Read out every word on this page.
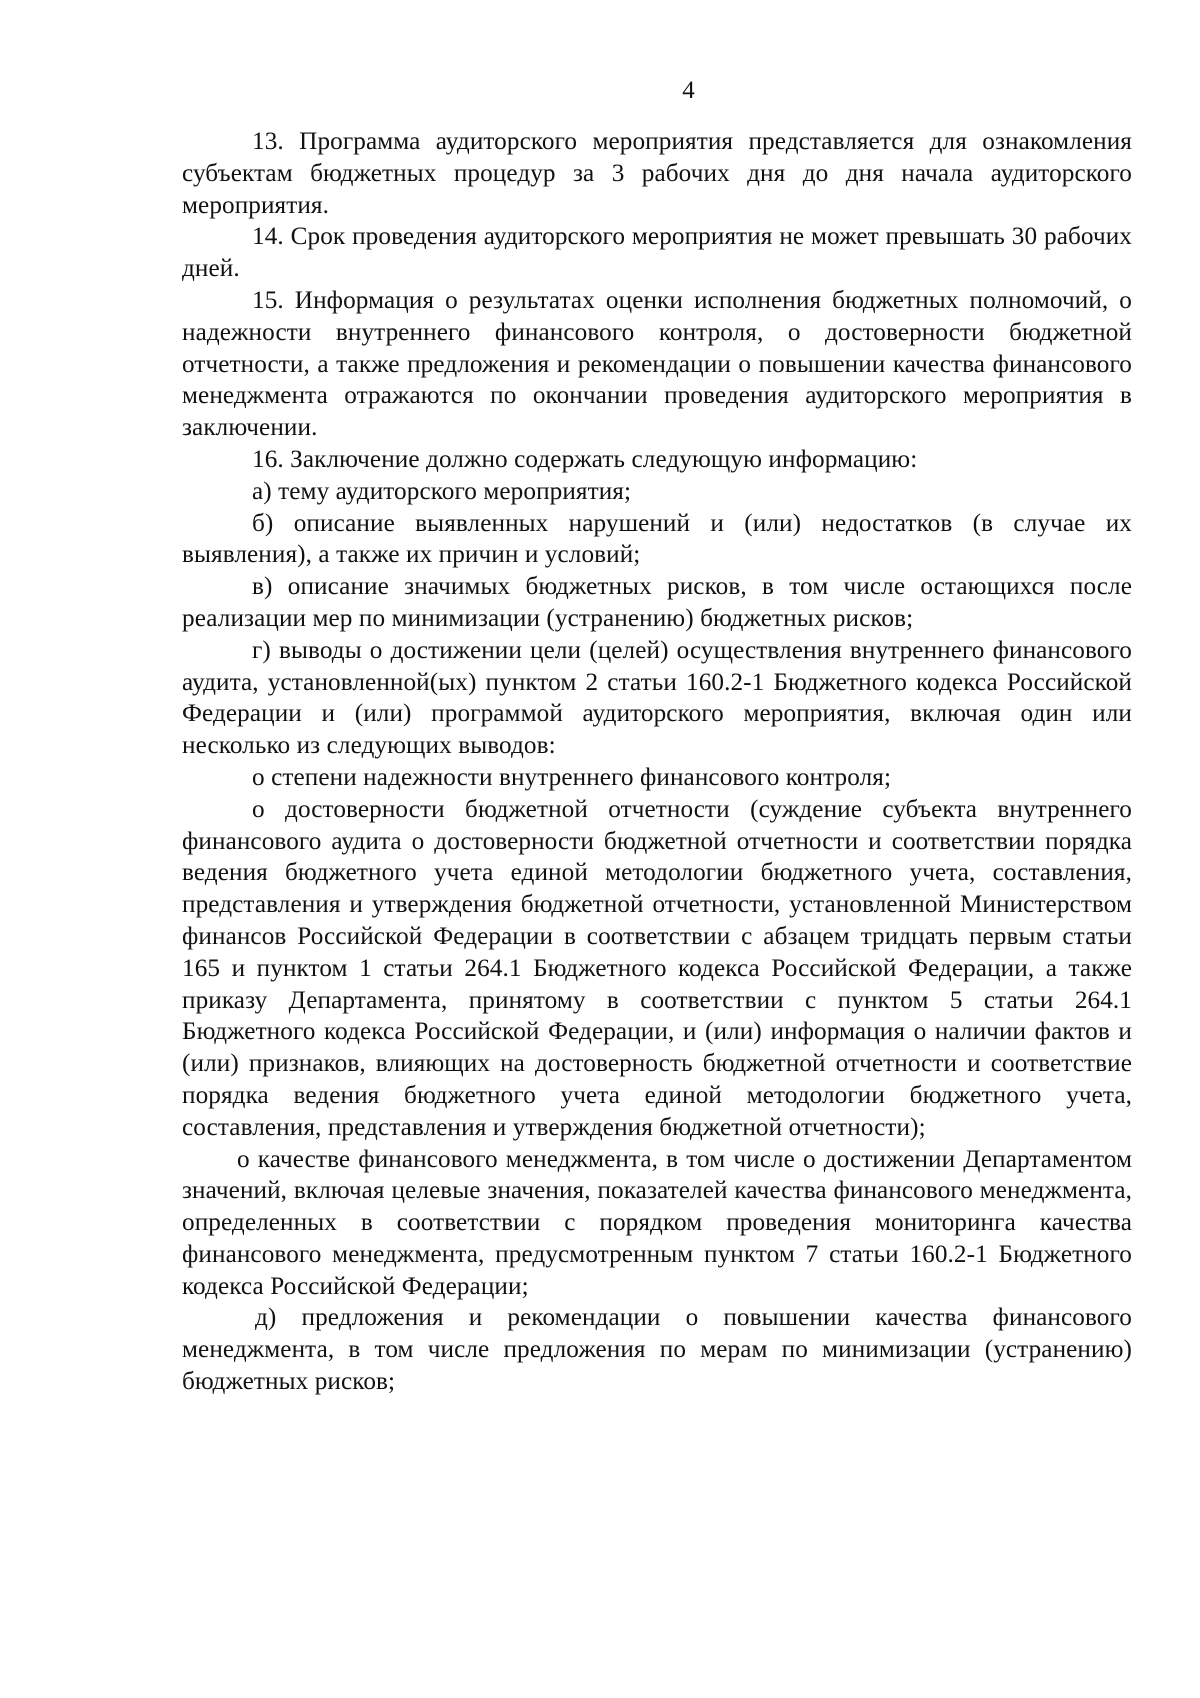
4

13. Программа аудиторского мероприятия представляется для ознакомления субъектам бюджетных процедур за 3 рабочих дня до дня начала аудиторского мероприятия.

14. Срок проведения аудиторского мероприятия не может превышать 30 рабочих дней.

15. Информация о результатах оценки исполнения бюджетных полномочий, о надежности внутреннего финансового контроля, о достоверности бюджетной отчетности, а также предложения и рекомендации о повышении качества финансового менеджмента отражаются по окончании проведения аудиторского мероприятия в заключении.

16. Заключение должно содержать следующую информацию:

а) тему аудиторского мероприятия;

б) описание выявленных нарушений и (или) недостатков (в случае их выявления), а также их причин и условий;

в) описание значимых бюджетных рисков, в том числе остающихся после реализации мер по минимизации (устранению) бюджетных рисков;

г) выводы о достижении цели (целей) осуществления внутреннего финансового аудита, установленной(ых) пунктом 2 статьи 160.2-1 Бюджетного кодекса Российской Федерации и (или) программой аудиторского мероприятия, включая один или несколько из следующих выводов:

о степени надежности внутреннего финансового контроля;

о достоверности бюджетной отчетности (суждение субъекта внутреннего финансового аудита о достоверности бюджетной отчетности и соответствии порядка ведения бюджетного учета единой методологии бюджетного учета, составления, представления и утверждения бюджетной отчетности, установленной Министерством финансов Российской Федерации в соответствии с абзацем тридцать первым статьи 165 и пунктом 1 статьи 264.1 Бюджетного кодекса Российской Федерации, а также приказу Департамента, принятому в соответствии с пунктом 5 статьи 264.1 Бюджетного кодекса Российской Федерации, и (или) информация о наличии фактов и (или) признаков, влияющих на достоверность бюджетной отчетности и соответствие порядка ведения бюджетного учета единой методологии бюджетного учета, составления, представления и утверждения бюджетной отчетности);

о качестве финансового менеджмента, в том числе о достижении Департаментом значений, включая целевые значения, показателей качества финансового менеджмента, определенных в соответствии с порядком проведения мониторинга качества финансового менеджмента, предусмотренным пунктом 7 статьи 160.2-1 Бюджетного кодекса Российской Федерации;

д) предложения и рекомендации о повышении качества финансового менеджмента, в том числе предложения по мерам по минимизации (устранению) бюджетных рисков;
